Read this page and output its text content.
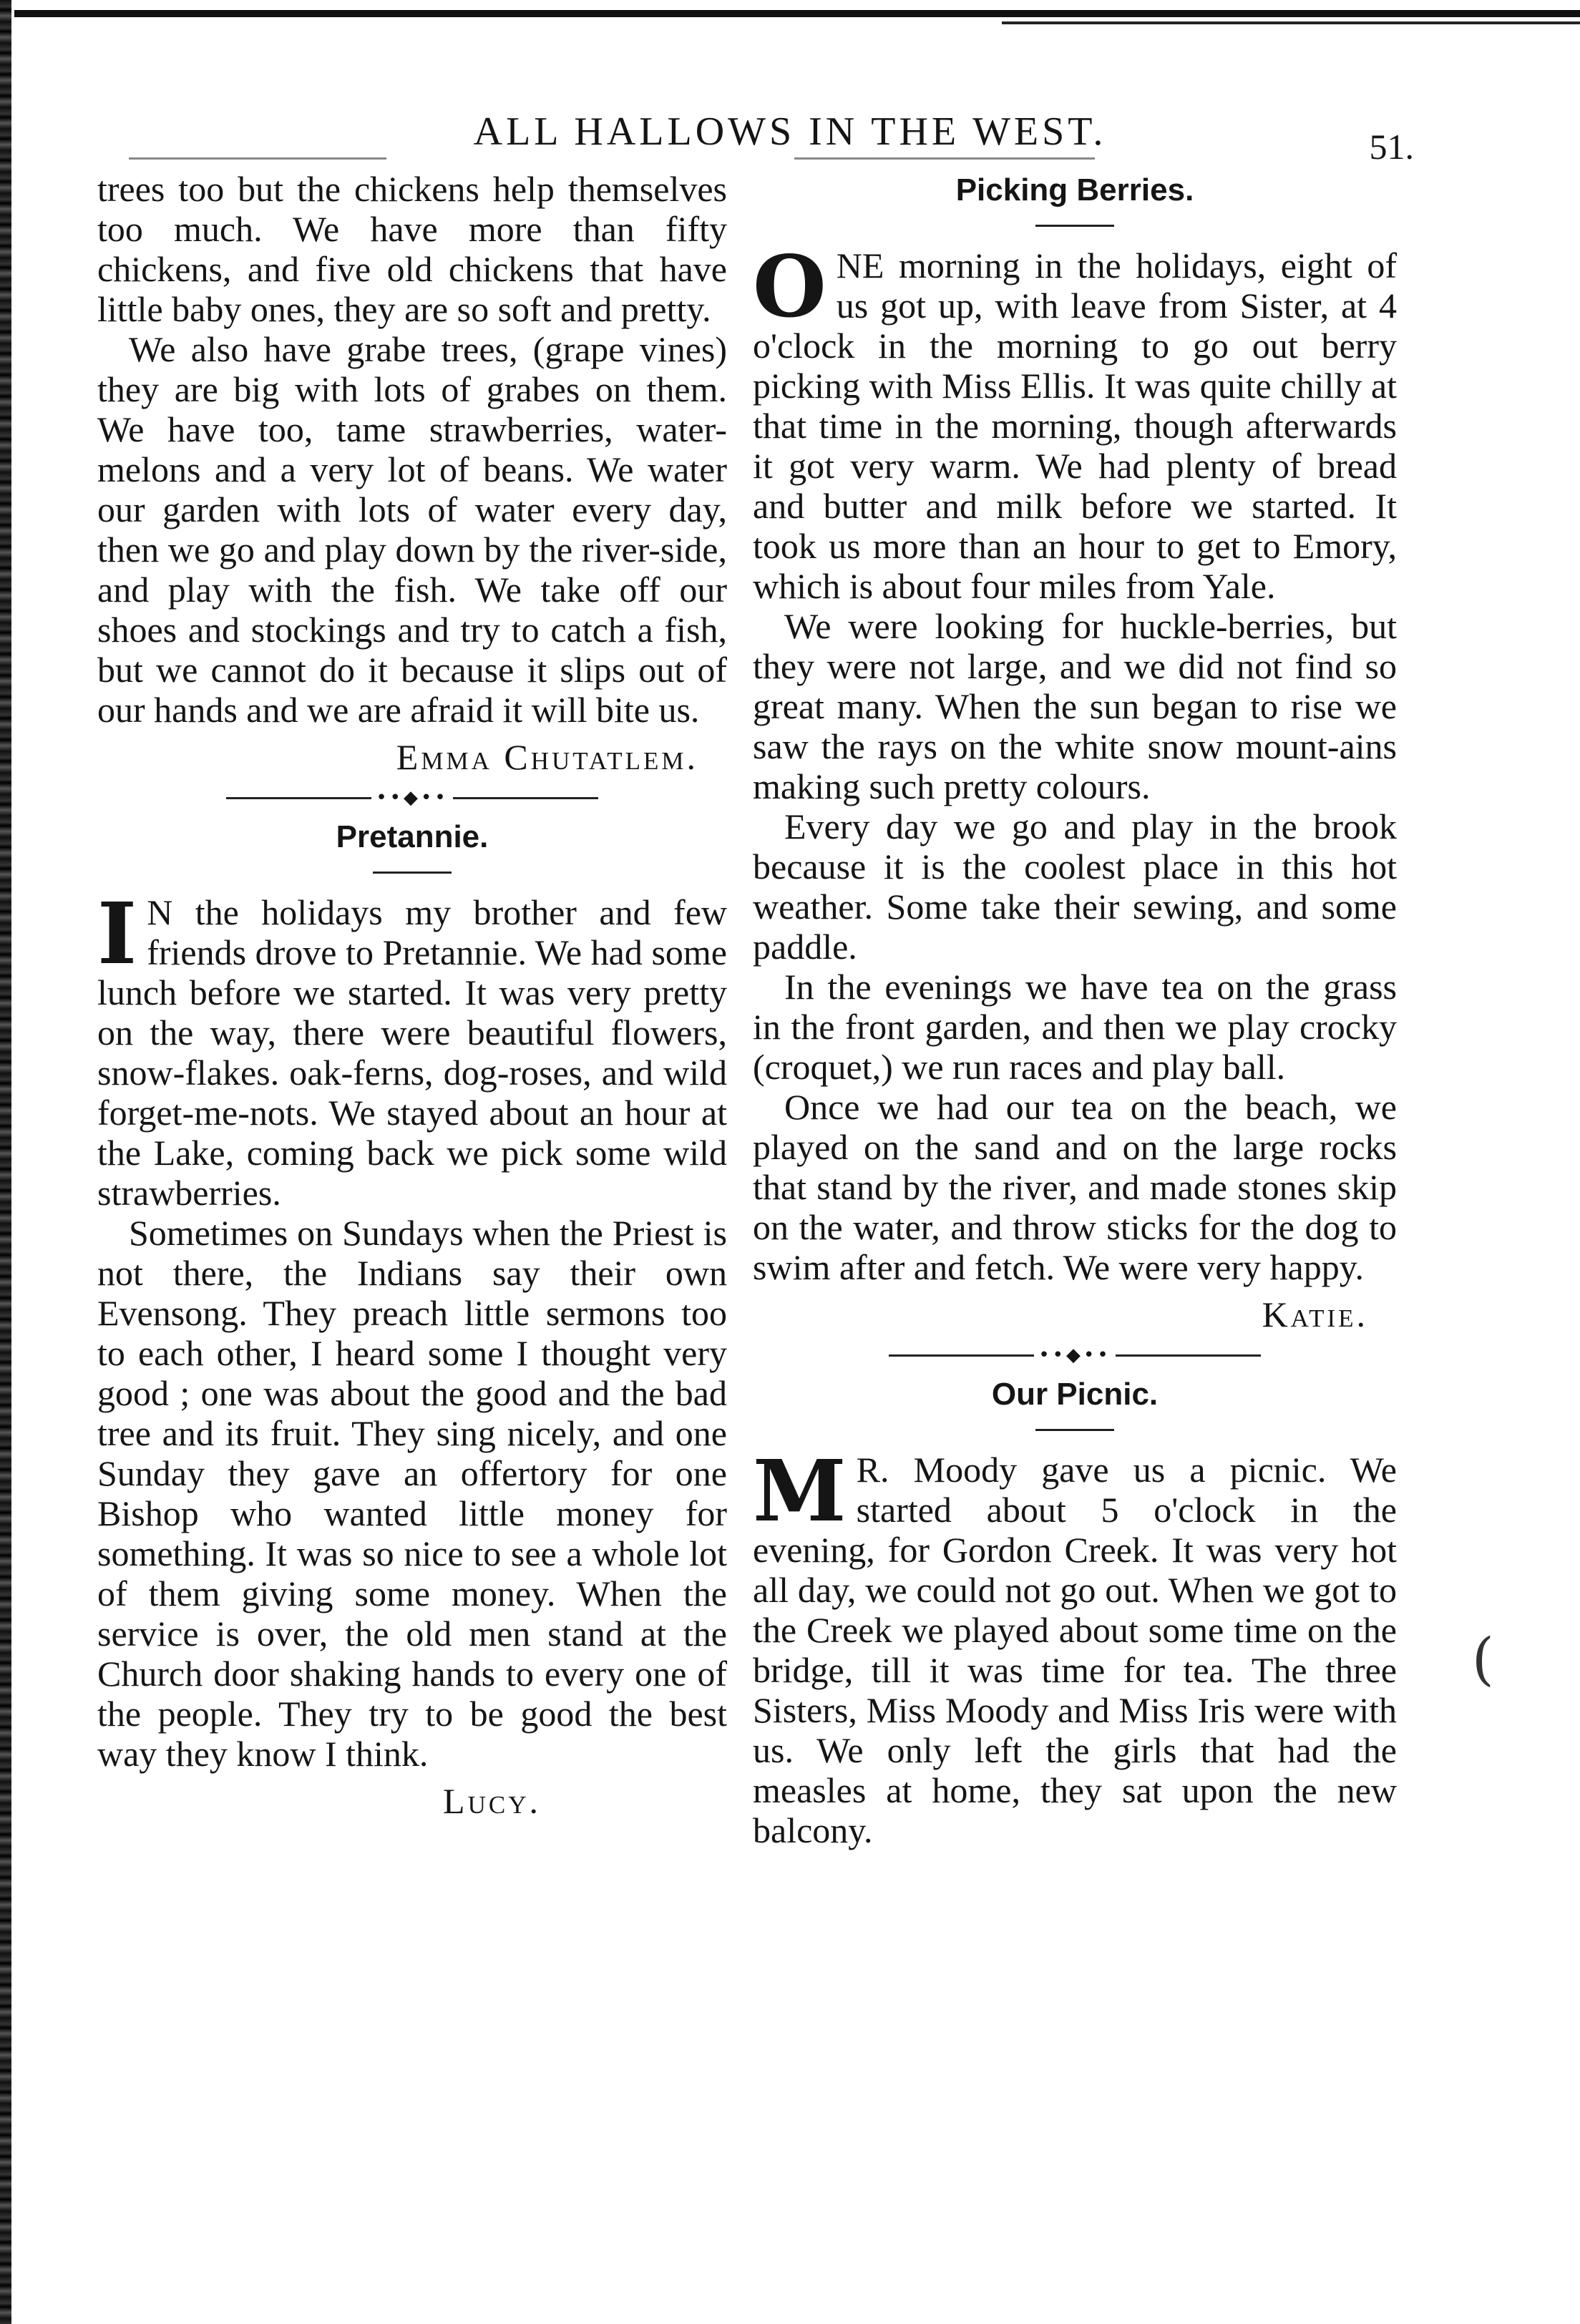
ALL HALLOWS IN THE WEST.	51.

trees too but the chickens help themselves too much. We have more than fifty chickens, and five old chickens that have little baby ones, they are so soft and pretty.

We also have grabe trees, (grape vines) they are big with lots of grabes on them. We have too, tame strawberries, water-melons and a very lot of beans. We water our garden with lots of water every day, then we go and play down by the river-side, and play with the fish. We take off our shoes and stockings and try to catch a fish, but we cannot do it because it slips out of our hands and we are afraid it will bite us.

Emma Chutatlem.
••◆••
Pretannie.

I N the holidays my brother and few friends drove to Pretannie. We had some lunch before we started. It was very pretty on the way, there were beautiful flowers, snow-flakes. oak-ferns, dog-roses, and wild forget-me-nots. We stayed about an hour at the Lake, coming back we pick some wild strawberries.

Sometimes on Sundays when the Priest is not there, the Indians say their own Evensong. They preach little sermons too to each other, I heard some I thought very good ; one was about the good and the bad tree and its fruit. They sing nicely, and one Sunday they gave an offertory for one Bishop who wanted little money for something. It was so nice to see a whole lot of them giving some money. When the service is over, the old men stand at the Church door shaking hands to every one of the people. They try to be good the best way they know I think.

Lucy.
Picking Berries.

ONE morning in the holidays, eight of us got up, with leave from Sister, at 4 o'clock in the morning to go out berry picking with Miss Ellis. It was quite chilly at that time in the morning, though afterwards it got very warm. We had plenty of bread and butter and milk before we started. It took us more than an hour to get to Emory, which is about four miles from Yale.

We were looking for huckle-berries, but they were not large, and we did not find so great many. When the sun began to rise we saw the rays on the white snow mount-ains making such pretty colours.

Every day we go and play in the brook because it is the coolest place in this hot weather. Some take their sewing, and some paddle.

In the evenings we have tea on the grass in the front garden, and then we play crocky (croquet,) we run races and play ball.

Once we had our tea on the beach, we played on the sand and on the large rocks that stand by the river, and made stones skip on the water, and throw sticks for the dog to swim after and fetch. We were very happy.

Katie.
••◆••
Our Picnic.

M R. Moody gave us a picnic. We started about 5 o'clock in the evening, for Gordon Creek. It was very hot all day, we could not go out. When we got to the Creek we played about some time on the bridge, till it was time for tea. The three Sisters, Miss Moody and Miss Iris were with us. We only left the girls that had the measles at home, they sat upon the new balcony.

(
